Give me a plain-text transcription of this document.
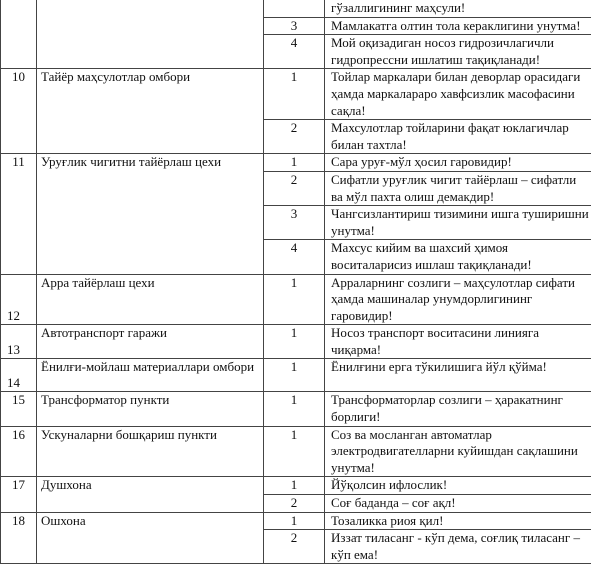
			гўзаллигининг маҳсули!
		3	Мамлакатга олтин тола кераклигини унутма!
		4	Мой оқизадиган носоз гидрозичлагичли гидропрессни ишлатиш тақиқланади!
10	Тайёр маҳсулотлар омбори	1	Тойлар маркалари билан деворлар орасидаги ҳамда маркалараро хавфсизлик масофасини сақла!
		2	Махсулотлар тойларини фақат юклагичлар билан тахтла!
11	Уруғлик чигитни тайёрлаш цехи	1	Сара уруғ-мўл ҳосил гаровидир!
		2	Сифатли уруғлик чигит тайёрлаш – сифатли ва мўл пахта олиш демакдир!
		3	Чангсизлантириш тизимини ишга туширишни унутма!
		4	Махсус кийим ва шахсий ҳимоя воситаларисиз ишлаш тақиқланади!
12	Арра тайёрлаш цехи	1	Арраларнинг созлиги – маҳсулотлар сифати ҳамда машиналар унумдорлигининг гаровидир!
13	Автотранспорт гаражи	1	Носоз транспорт воситасини линияга чиқарма!
14	Ёнилғи-мойлаш материаллари омбори	1	Ёнилғини ерга тўкилишига йўл қўйма!
15	Трансформатор пункти	1	Трансформаторлар созлиги – ҳаракатнинг борлиги!
16	Ускуналарни бошқариш пункти	1	Соз ва мосланган автоматлар электродвигателларни куйишдан сақлашини унутма!
17	Душхона	1	Йўқолсин ифлослик!
		2	Соғ баданда – соғ ақл!
18	Ошхона	1	Тозаликка риоя қил!
		2	Иззат тиласанг - кўп дема, соғлиқ тиласанг – кўп ема!
